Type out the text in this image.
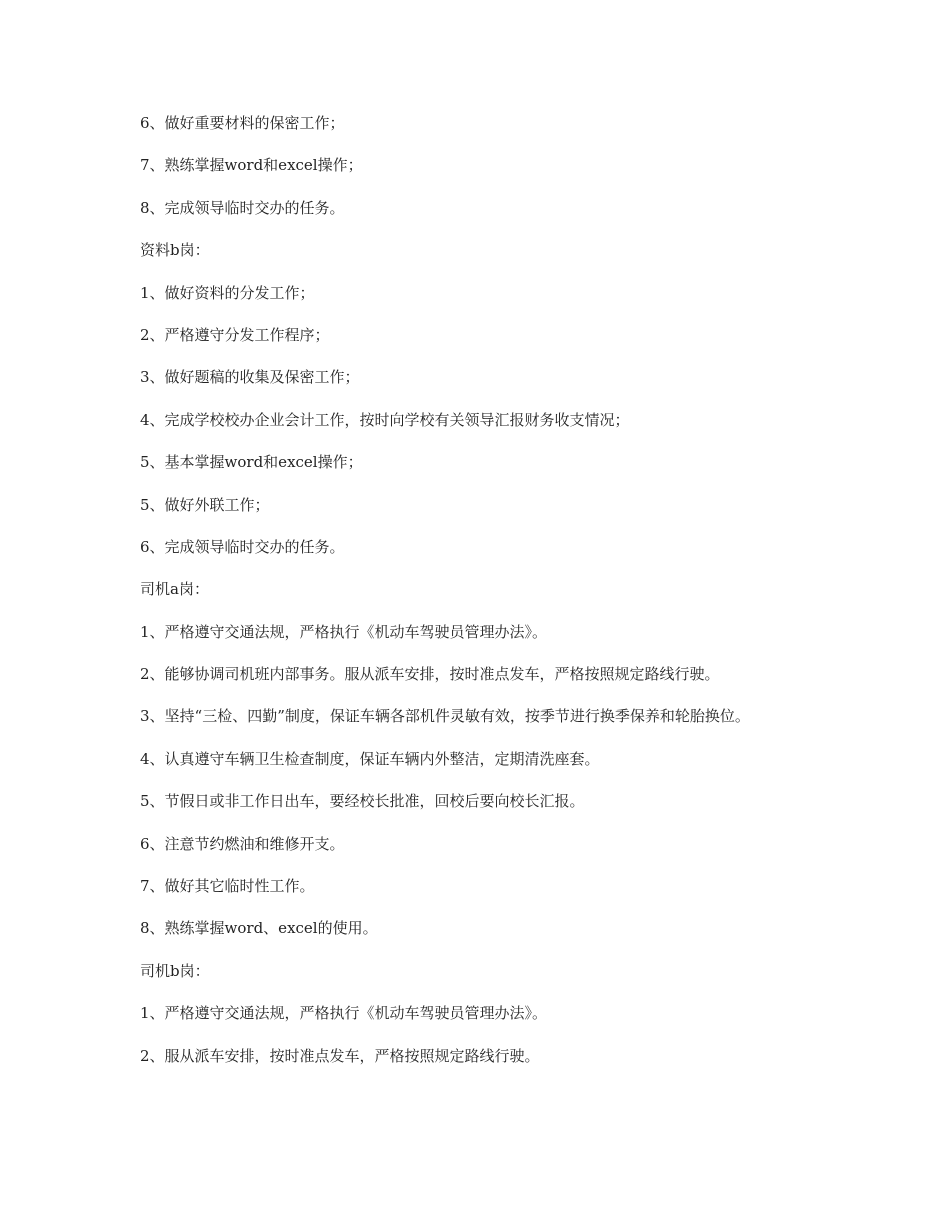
6、做好重要材料的保密工作；
7、熟练掌握word和excel操作；
8、完成领导临时交办的任务。
资料b岗：
1、做好资料的分发工作；
2、严格遵守分发工作程序；
3、做好题稿的收集及保密工作；
4、完成学校校办企业会计工作，按时向学校有关领导汇报财务收支情况；
5、基本掌握word和excel操作；
5、做好外联工作；
6、完成领导临时交办的任务。
司机a岗：
1、严格遵守交通法规，严格执行《机动车驾驶员管理办法》。
2、能够协调司机班内部事务。服从派车安排，按时准点发车，严格按照规定路线行驶。
3、坚持“三检、四勤”制度，保证车辆各部机件灵敏有效，按季节进行换季保养和轮胎换位。
4、认真遵守车辆卫生检查制度，保证车辆内外整洁，定期清洗座套。
5、节假日或非工作日出车，要经校长批准，回校后要向校长汇报。
6、注意节约燃油和维修开支。
7、做好其它临时性工作。
8、熟练掌握word、excel的使用。
司机b岗：
1、严格遵守交通法规，严格执行《机动车驾驶员管理办法》。
2、服从派车安排，按时准点发车，严格按照规定路线行驶。
